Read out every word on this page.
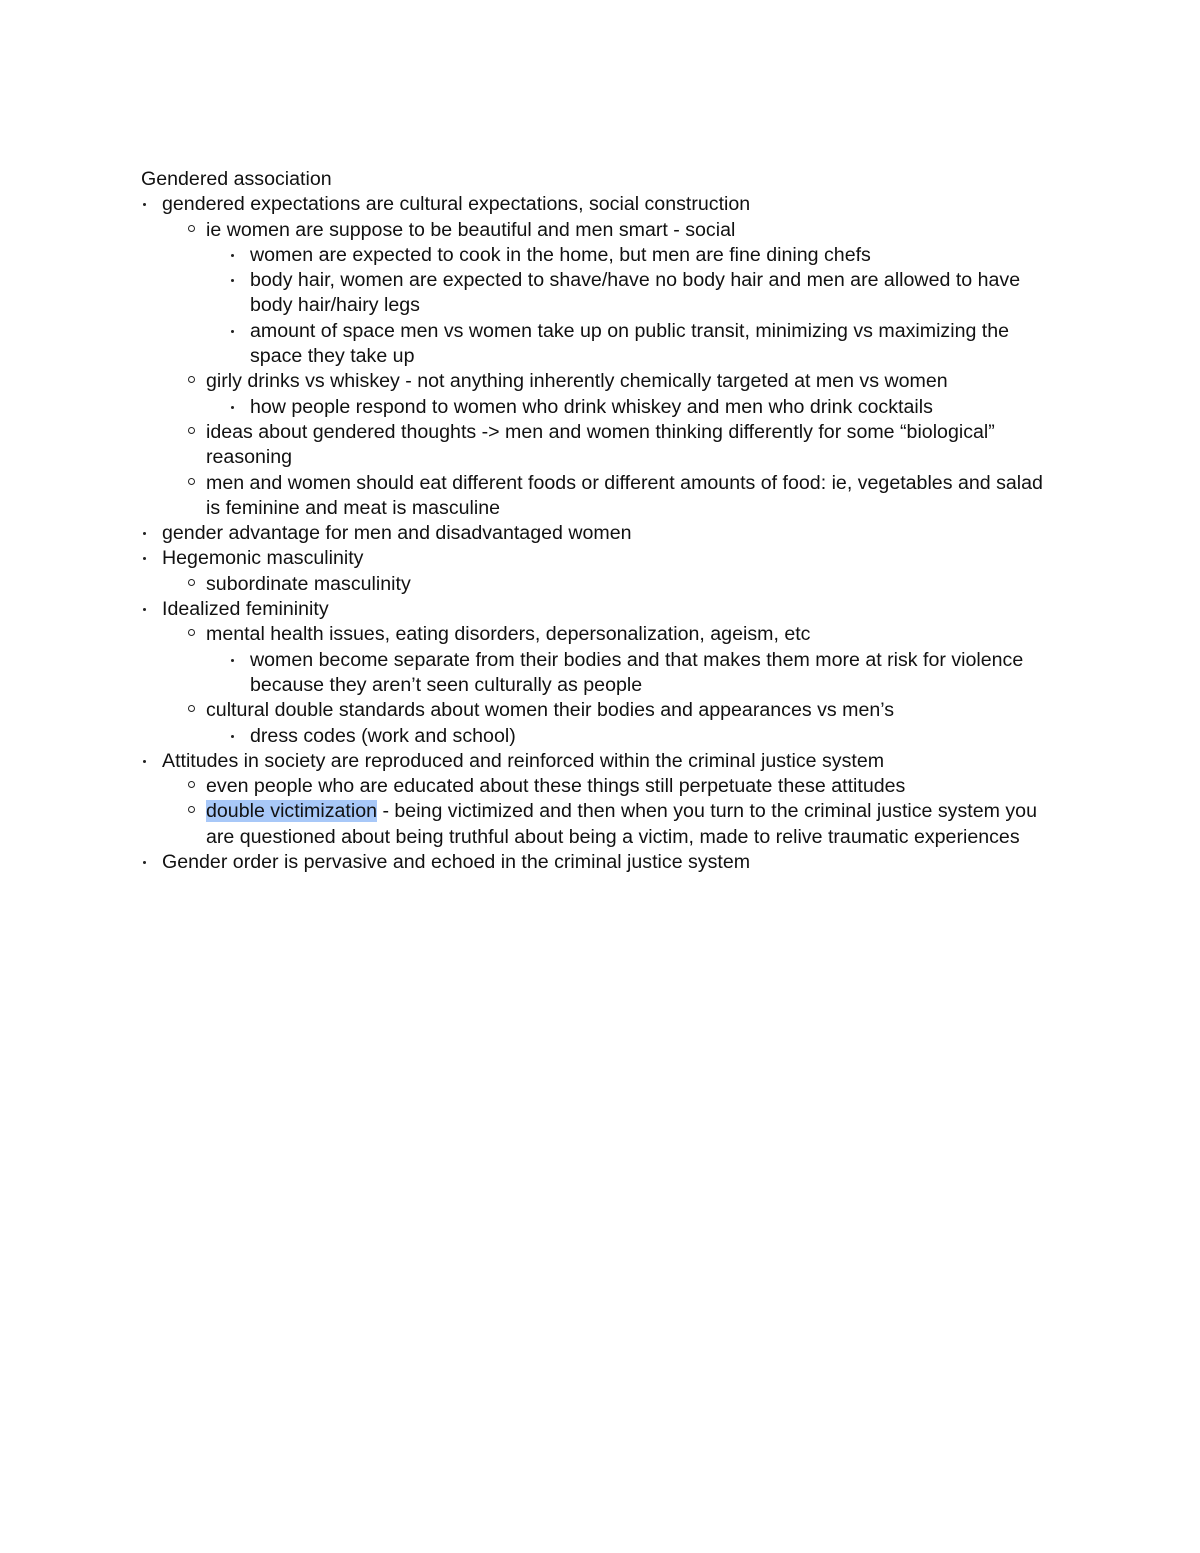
Gendered association
gendered expectations are cultural expectations, social construction
ie women are suppose to be beautiful and men smart - social
women are expected to cook in the home, but men are fine dining chefs
body hair, women are expected to shave/have no body hair and men are allowed to have body hair/hairy legs
amount of space men vs women take up on public transit, minimizing vs maximizing the space they take up
girly drinks vs whiskey - not anything inherently chemically targeted at men vs women
how people respond to women who drink whiskey and men who drink cocktails
ideas about gendered thoughts -> men and women thinking differently for some “biological” reasoning
men and women should eat different foods or different amounts of food: ie, vegetables and salad is feminine and meat is masculine
gender advantage for men and disadvantaged women
Hegemonic masculinity
subordinate masculinity
Idealized femininity
mental health issues, eating disorders, depersonalization, ageism, etc
women become separate from their bodies and that makes them more at risk for violence because they aren’t seen culturally as people
cultural double standards about women their bodies and appearances vs men’s
dress codes (work and school)
Attitudes in society are reproduced and reinforced within the criminal justice system
even people who are educated about these things still perpetuate these attitudes
double victimization - being victimized and then when you turn to the criminal justice system you are questioned about being truthful about being a victim, made to relive traumatic experiences
Gender order is pervasive and echoed in the criminal justice system
